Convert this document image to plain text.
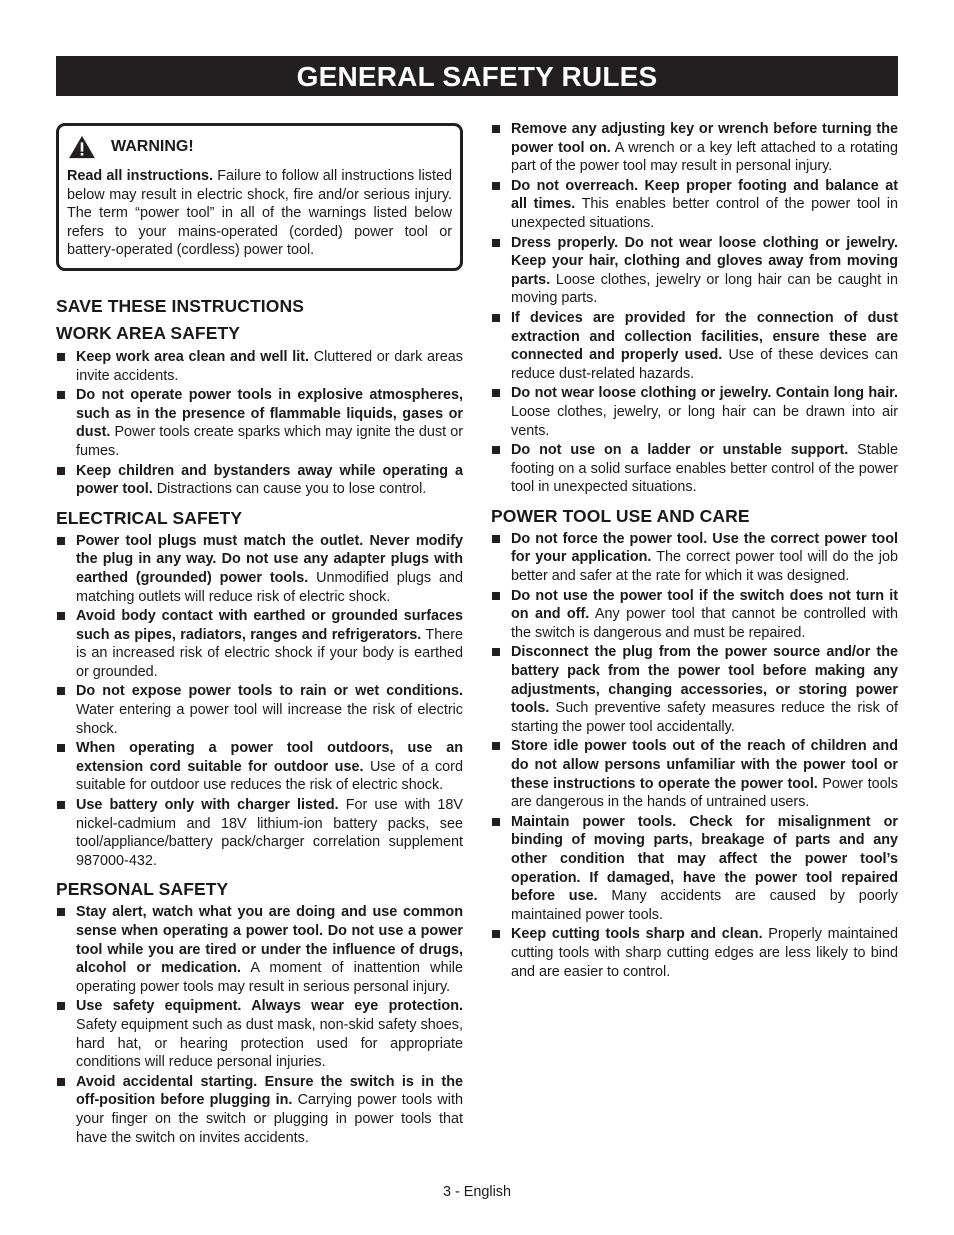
GENERAL SAFETY RULES
WARNING!
Read all instructions. Failure to follow all instructions listed below may result in electric shock, fire and/or serious injury. The term “power tool” in all of the warnings listed below refers to your mains-operated (corded) power tool or battery-operated (cordless) power tool.
SAVE THESE INSTRUCTIONS
WORK AREA SAFETY
Keep work area clean and well lit. Cluttered or dark areas invite accidents.
Do not operate power tools in explosive atmospheres, such as in the presence of flammable liquids, gases or dust. Power tools create sparks which may ignite the dust or fumes.
Keep children and bystanders away while operating a power tool. Distractions can cause you to lose control.
ELECTRICAL SAFETY
Power tool plugs must match the outlet. Never modify the plug in any way. Do not use any adapter plugs with earthed (grounded) power tools. Unmodified plugs and matching outlets will reduce risk of electric shock.
Avoid body contact with earthed or grounded surfaces such as pipes, radiators, ranges and refrigerators. There is an increased risk of electric shock if your body is earthed or grounded.
Do not expose power tools to rain or wet conditions. Water entering a power tool will increase the risk of electric shock.
When operating a power tool outdoors, use an extension cord suitable for outdoor use. Use of a cord suitable for outdoor use reduces the risk of electric shock.
Use battery only with charger listed. For use with 18V nickel-cadmium and 18V lithium-ion battery packs, see tool/appliance/battery pack/charger correlation supplement 987000-432.
PERSONAL SAFETY
Stay alert, watch what you are doing and use common sense when operating a power tool. Do not use a power tool while you are tired or under the influence of drugs, alcohol or medication. A moment of inattention while operating power tools may result in serious personal injury.
Use safety equipment. Always wear eye protection. Safety equipment such as dust mask, non-skid safety shoes, hard hat, or hearing protection used for appropriate conditions will reduce personal injuries.
Avoid accidental starting. Ensure the switch is in the off-position before plugging in. Carrying power tools with your finger on the switch or plugging in power tools that have the switch on invites accidents.
Remove any adjusting key or wrench before turning the power tool on. A wrench or a key left attached to a rotating part of the power tool may result in personal injury.
Do not overreach. Keep proper footing and balance at all times. This enables better control of the power tool in unexpected situations.
Dress properly. Do not wear loose clothing or jewelry. Keep your hair, clothing and gloves away from moving parts. Loose clothes, jewelry or long hair can be caught in moving parts.
If devices are provided for the connection of dust extraction and collection facilities, ensure these are connected and properly used. Use of these devices can reduce dust-related hazards.
Do not wear loose clothing or jewelry. Contain long hair. Loose clothes, jewelry, or long hair can be drawn into air vents.
Do not use on a ladder or unstable support. Stable footing on a solid surface enables better control of the power tool in unexpected situations.
POWER TOOL USE AND CARE
Do not force the power tool. Use the correct power tool for your application. The correct power tool will do the job better and safer at the rate for which it was designed.
Do not use the power tool if the switch does not turn it on and off. Any power tool that cannot be controlled with the switch is dangerous and must be repaired.
Disconnect the plug from the power source and/or the battery pack from the power tool before making any adjustments, changing accessories, or storing power tools. Such preventive safety measures reduce the risk of starting the power tool accidentally.
Store idle power tools out of the reach of children and do not allow persons unfamiliar with the power tool or these instructions to operate the power tool. Power tools are dangerous in the hands of untrained users.
Maintain power tools. Check for misalignment or binding of moving parts, breakage of parts and any other condition that may affect the power tool’s operation. If damaged, have the power tool repaired before use. Many accidents are caused by poorly maintained power tools.
Keep cutting tools sharp and clean. Properly maintained cutting tools with sharp cutting edges are less likely to bind and are easier to control.
3 - English
